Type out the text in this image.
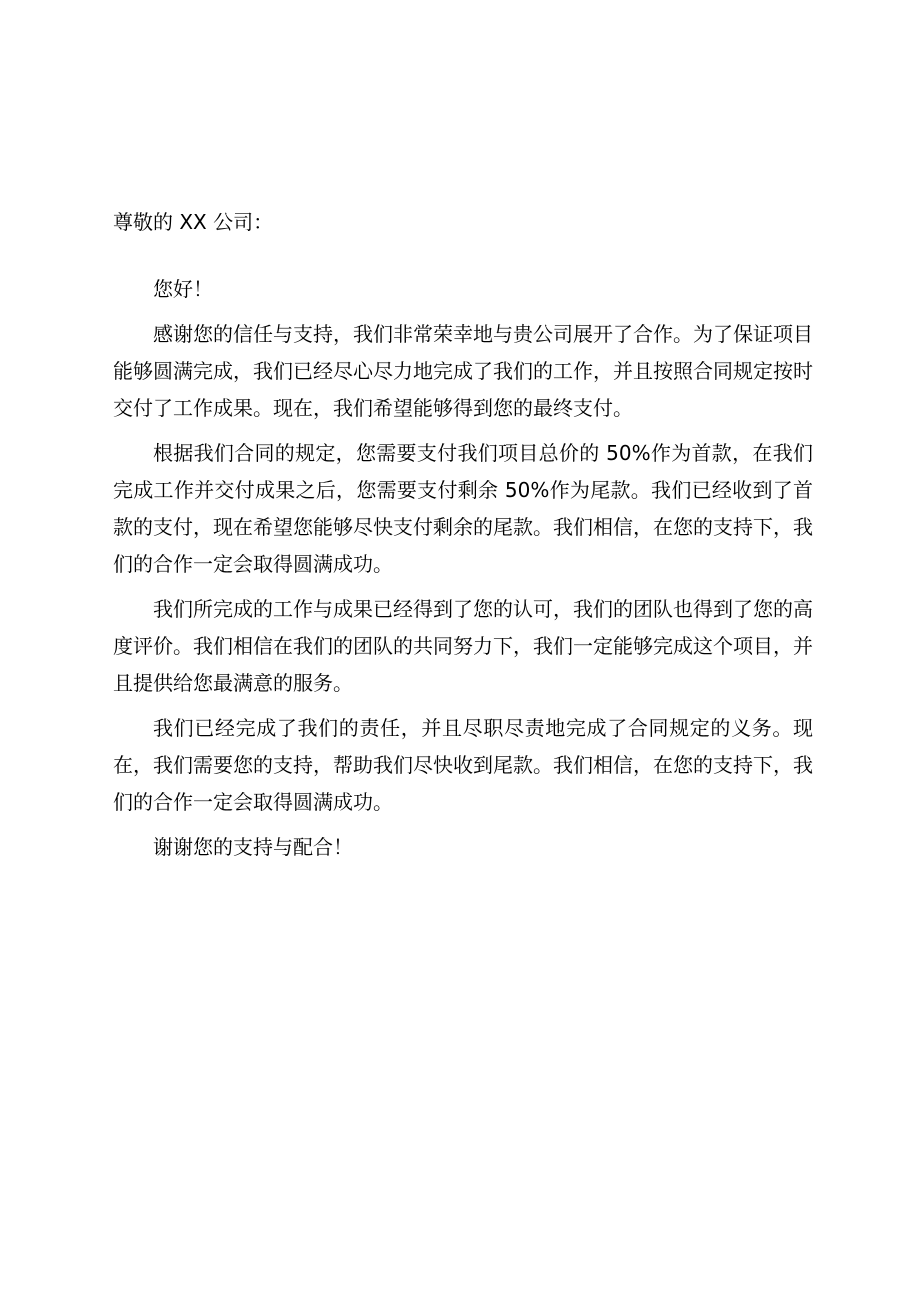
尊敬的 XX 公司：

您好！

感谢您的信任与支持，我们非常荣幸地与贵公司展开了合作。为了保证项目能够圆满完成，我们已经尽心尽力地完成了我们的工作，并且按照合同规定按时交付了工作成果。现在，我们希望能够得到您的最终支付。

根据我们合同的规定，您需要支付我们项目总价的 50%作为首款，在我们完成工作并交付成果之后，您需要支付剩余 50%作为尾款。我们已经收到了首款的支付，现在希望您能够尽快支付剩余的尾款。我们相信，在您的支持下，我们的合作一定会取得圆满成功。

我们所完成的工作与成果已经得到了您的认可，我们的团队也得到了您的高度评价。我们相信在我们的团队的共同努力下，我们一定能够完成这个项目，并且提供给您最满意的服务。

我们已经完成了我们的责任，并且尽职尽责地完成了合同规定的义务。现在，我们需要您的支持，帮助我们尽快收到尾款。我们相信，在您的支持下，我们的合作一定会取得圆满成功。

谢谢您的支持与配合！
